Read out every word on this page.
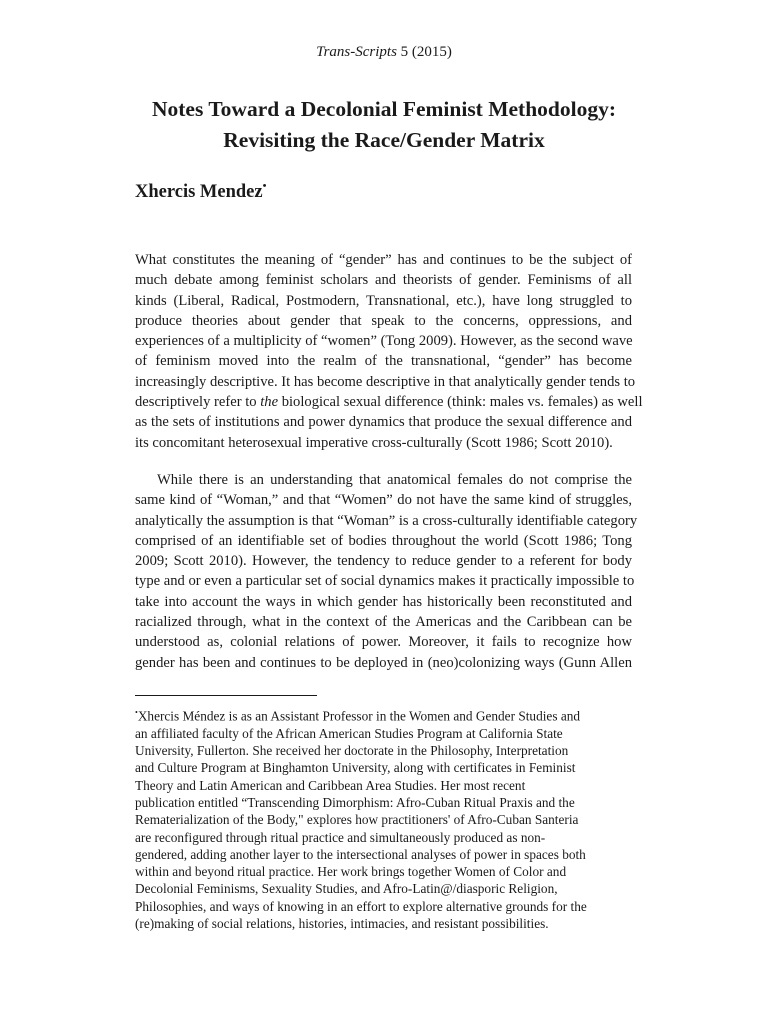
Trans-Scripts 5 (2015)
Notes Toward a Decolonial Feminist Methodology:
Revisiting the Race/Gender Matrix
Xhercis Mendez•
What constitutes the meaning of “gender” has and continues to be the subject of
much debate among feminist scholars and theorists of gender. Feminisms of all
kinds (Liberal, Radical, Postmodern, Transnational, etc.), have long struggled to
produce theories about gender that speak to the concerns, oppressions, and
experiences of a multiplicity of “women” (Tong 2009). However, as the second wave
of feminism moved into the realm of the transnational, “gender” has become
increasingly descriptive. It has become descriptive in that analytically gender tends to
descriptively refer to the biological sexual difference (think: males vs. females) as well
as the sets of institutions and power dynamics that produce the sexual difference and
its concomitant heterosexual imperative cross-culturally (Scott 1986; Scott 2010).
While there is an understanding that anatomical females do not comprise the
same kind of “Woman,” and that “Women” do not have the same kind of struggles,
analytically the assumption is that “Woman” is a cross-culturally identifiable category
comprised of an identifiable set of bodies throughout the world (Scott 1986; Tong
2009; Scott 2010). However, the tendency to reduce gender to a referent for body
type and or even a particular set of social dynamics makes it practically impossible to
take into account the ways in which gender has historically been reconstituted and
racialized through, what in the context of the Americas and the Caribbean can be
understood as, colonial relations of power. Moreover, it fails to recognize how
gender has been and continues to be deployed in (neo)colonizing ways (Gunn Allen
•Xhercis Méndez is as an Assistant Professor in the Women and Gender Studies and
an affiliated faculty of the African American Studies Program at California State
University, Fullerton. She received her doctorate in the Philosophy, Interpretation
and Culture Program at Binghamton University, along with certificates in Feminist
Theory and Latin American and Caribbean Area Studies. Her most recent
publication entitled “Transcending Dimorphism: Afro-Cuban Ritual Praxis and the
Rematerialization of the Body," explores how practitioners' of Afro-Cuban Santeria
are reconfigured through ritual practice and simultaneously produced as non-
gendered, adding another layer to the intersectional analyses of power in spaces both
within and beyond ritual practice. Her work brings together Women of Color and
Decolonial Feminisms, Sexuality Studies, and Afro-Latin@/diasporic Religion,
Philosophies, and ways of knowing in an effort to explore alternative grounds for the
(re)making of social relations, histories, intimacies, and resistant possibilities.
